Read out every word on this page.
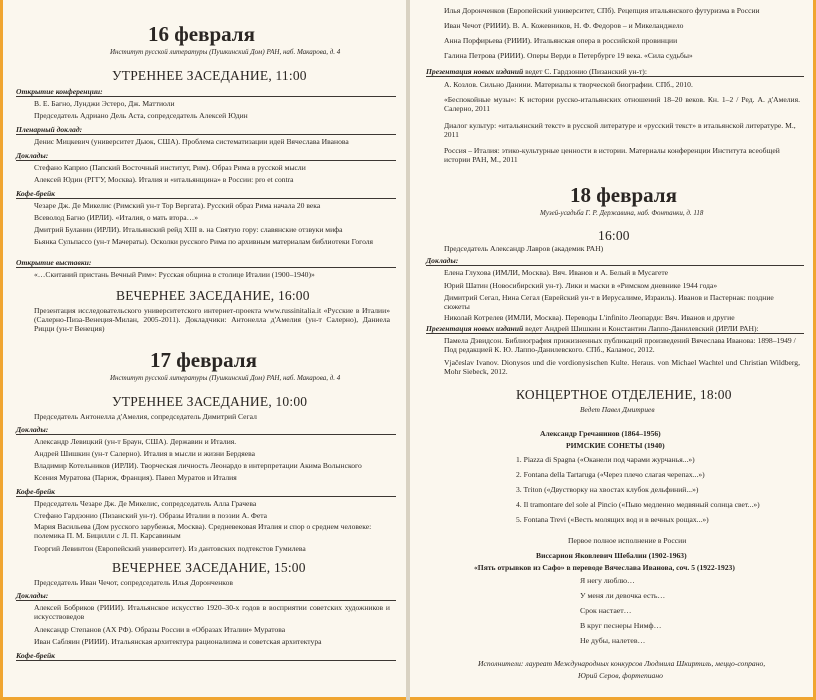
16 февраля
Институт русской литературы (Пушкинский Дом) РАН, наб. Макарова, д. 4
УТРЕННЕЕ ЗАСЕДАНИЕ, 11:00
Открытие конференции:
В. Е. Багно, Лунджи Эстеро, Дж. Маттиоли
Председатель Адриано Дель Аста, сопредседатель Алексей Юдин
Пленарный доклад:
Денис Мицкевич (университет Дьюк, США). Проблема систематизации идей Вячеслава Иванова
Доклады:
Стефано Каприо (Папский Восточный институт, Рим). Образ Рима в русской мысли
Алексей Юдин (РГГУ, Москва). Италия и «итальянщина» в России: pro et contra
Кофе-брейк
Чезаре Дж. Де Микелис (Римский ун-т Тор Вергата). Русский образ Рима начала 20 века
Всеволод Багно (ИРЛИ). «Италия, о мать втора…»
Дмитрий Буланин (ИРЛИ). Итальянский рейд XIII в. на Святую гору: славянские отзвуки мифа
Бьянка Сульпассо (ун-т Мачераты). Осколки русского Рима по архивным материалам библиотеки Гоголя
Открытие выставки:
«…Скитаний пристань Вечный Рим»: Русская община в столице Италии (1900–1940)»
ВЕЧЕРНЕЕ ЗАСЕДАНИЕ, 16:00
Презентация исследовательского университетского интернет-проекта www.russinitalia.it «Русские в Италии» (Салерно-Пиза-Венеция-Милан, 2005-2011). Докладчики: Антонелла д'Амелия (ун-т Салерно), Даниела Рицци (ун-т Венеция)
17 февраля
Институт русской литературы (Пушкинский Дом) РАН, наб. Макарова, д. 4
УТРЕННЕЕ ЗАСЕДАНИЕ, 10:00
Председатель Антонелла д'Амелия, сопредседатель Димитрий Сегал
Доклады:
Александр Левицкий (ун-т Браун, США). Державин и Италия.
Андрей Шишкин (ун-т Салерно). Италия в мысли и жизни Бердяева
Владимир Котельников (ИРЛИ). Творческая личность Леонардо в интерпретации Акима Волынского
Ксения Муратова (Париж, Франция). Павел Муратов и Италия
Кофе-брейк
Председатель Чезаре Дж. Де Микелис, сопредседатель Алла Грачева
Стефано Гардзонио (Пизанский ун-т). Образы Италии в поэзии А. Фета
Мария Васильева (Дом русского зарубежья, Москва). Средневековая Италия и спор о среднем человеке: полемика П. М. Бицилли с Л. П. Карсавиным
Георгий Левинтон (Европейский университет). Из дантовских подтекстов Гумилева
ВЕЧЕРНЕЕ ЗАСЕДАНИЕ, 15:00
Председатель Иван Чечот, сопредседатель Илья Доронченков
Доклады:
Алексей Бобриков (РИИИ). Итальянское искусство 1920–30-х годов в восприятии советских художников и искусствоведов
Александр Степанов (АХ РФ). Образы России в «Образах Италии» Муратова
Иван Сабляин (РИИИ). Итальянская архитектура рационализма и советская архитектура
Кофе-брейк
Илья Доронченков (Европейский университет, СПб). Рецепция итальянского футуризма в России
Иван Чечот (РИИИ). В. А. Кожевников, Н. Ф. Федоров – и Микеланджело
Анна Порфирьева (РИИИ). Итальянская опера в российской провинции
Галина Петрова (РИИИ). Оперы Верди в Петербурге 19 века. «Сила судьбы»
Презентация новых изданий ведет С. Гардзонио (Пизанский ун-т):
А. Козлов. Сильно Данини. Материалы к творческой биографии. СПб., 2010.
«Беспокойные музы»: К истории русско-итальянских отношений 18–20 веков. Кн. 1–2 / Ред. А. д'Амелия. Салерно, 2011
Диалог культур: «итальянский текст» в русской литературе и «русский текст» в итальянской литературе. М., 2011
Россия – Италия: этико-культурные ценности в истории. Материалы конференции Института всеобщей истории РАН, М., 2011
18 февраля
Музей-усадьба Г. Р. Державина, наб. Фонтанки, д. 118
16:00
Председатель Александр Лавров (академик РАН)
Доклады:
Елена Глухова (ИМЛИ, Москва). Вяч. Иванов и А. Белый в Мусагете
Юрий Шатин (Новосибирский ун-т). Лики и маски в «Римском дневнике 1944 года»
Димитрий Сегал, Нина Сегал (Еврейский ун-т в Иерусалиме, Израиль). Иванов и Пастернак: поздние сюжеты
Николай Котрелев (ИМЛИ, Москва). Переводы L'infinito Леопарди: Вяч. Иванов и другие
Презентация новых изданий ведет Андрей Шишкин и Константин Лаппо-Данилевский (ИРЛИ РАН):
Памела Дэвидсон. Библиография прижизненных публикаций произведений Вячеслава Иванова: 1898–1949 / Под редакцией К. Ю. Лаппо-Данилевского. СПб., Каламос, 2012.
Vjačeslav Ivanov. Dionysos und die vordionysischen Kulte. Heraus. von Michael Wachtel und Christian Wildberg, Mohr Siebeck, 2012.
КОНЦЕРТНОЕ ОТДЕЛЕНИЕ, 18:00
Ведет Павел Дмитриев
Александр Гречанинов (1864–1956)
РИМСКИЕ СОНЕТЫ (1940)
1. Piazza di Spagna («Оканели под чарами журчанья...»)
2. Fontana della Tartaruga («Через плечо слагая черепах...»)
3. Triton («Двустворку на хвостах клубок дельфиний...»)
4. Il tramontare del sole al Pincio («Пыю медленно медвяный солнца свет...»)
5. Fontana Trevi («Весть молящих вод и в вечных рощах...»)
Первое полное исполнение в России
Виссарион Яковлевич Шебалин (1902-1963)
«Пять отрывков из Сафо» в переводе Вячеслава Иванова, соч. 5 (1922-1923)
Я негу люблю…
У меня ли девочка есть…
Срок настает…
В круг песнеры Нимф…
Не дубы, налетев…
Исполнители: лауреат Международных конкурсов Людмила Шкиртиль, меццо-сопрано,
Юрий Серов, фортепиано
